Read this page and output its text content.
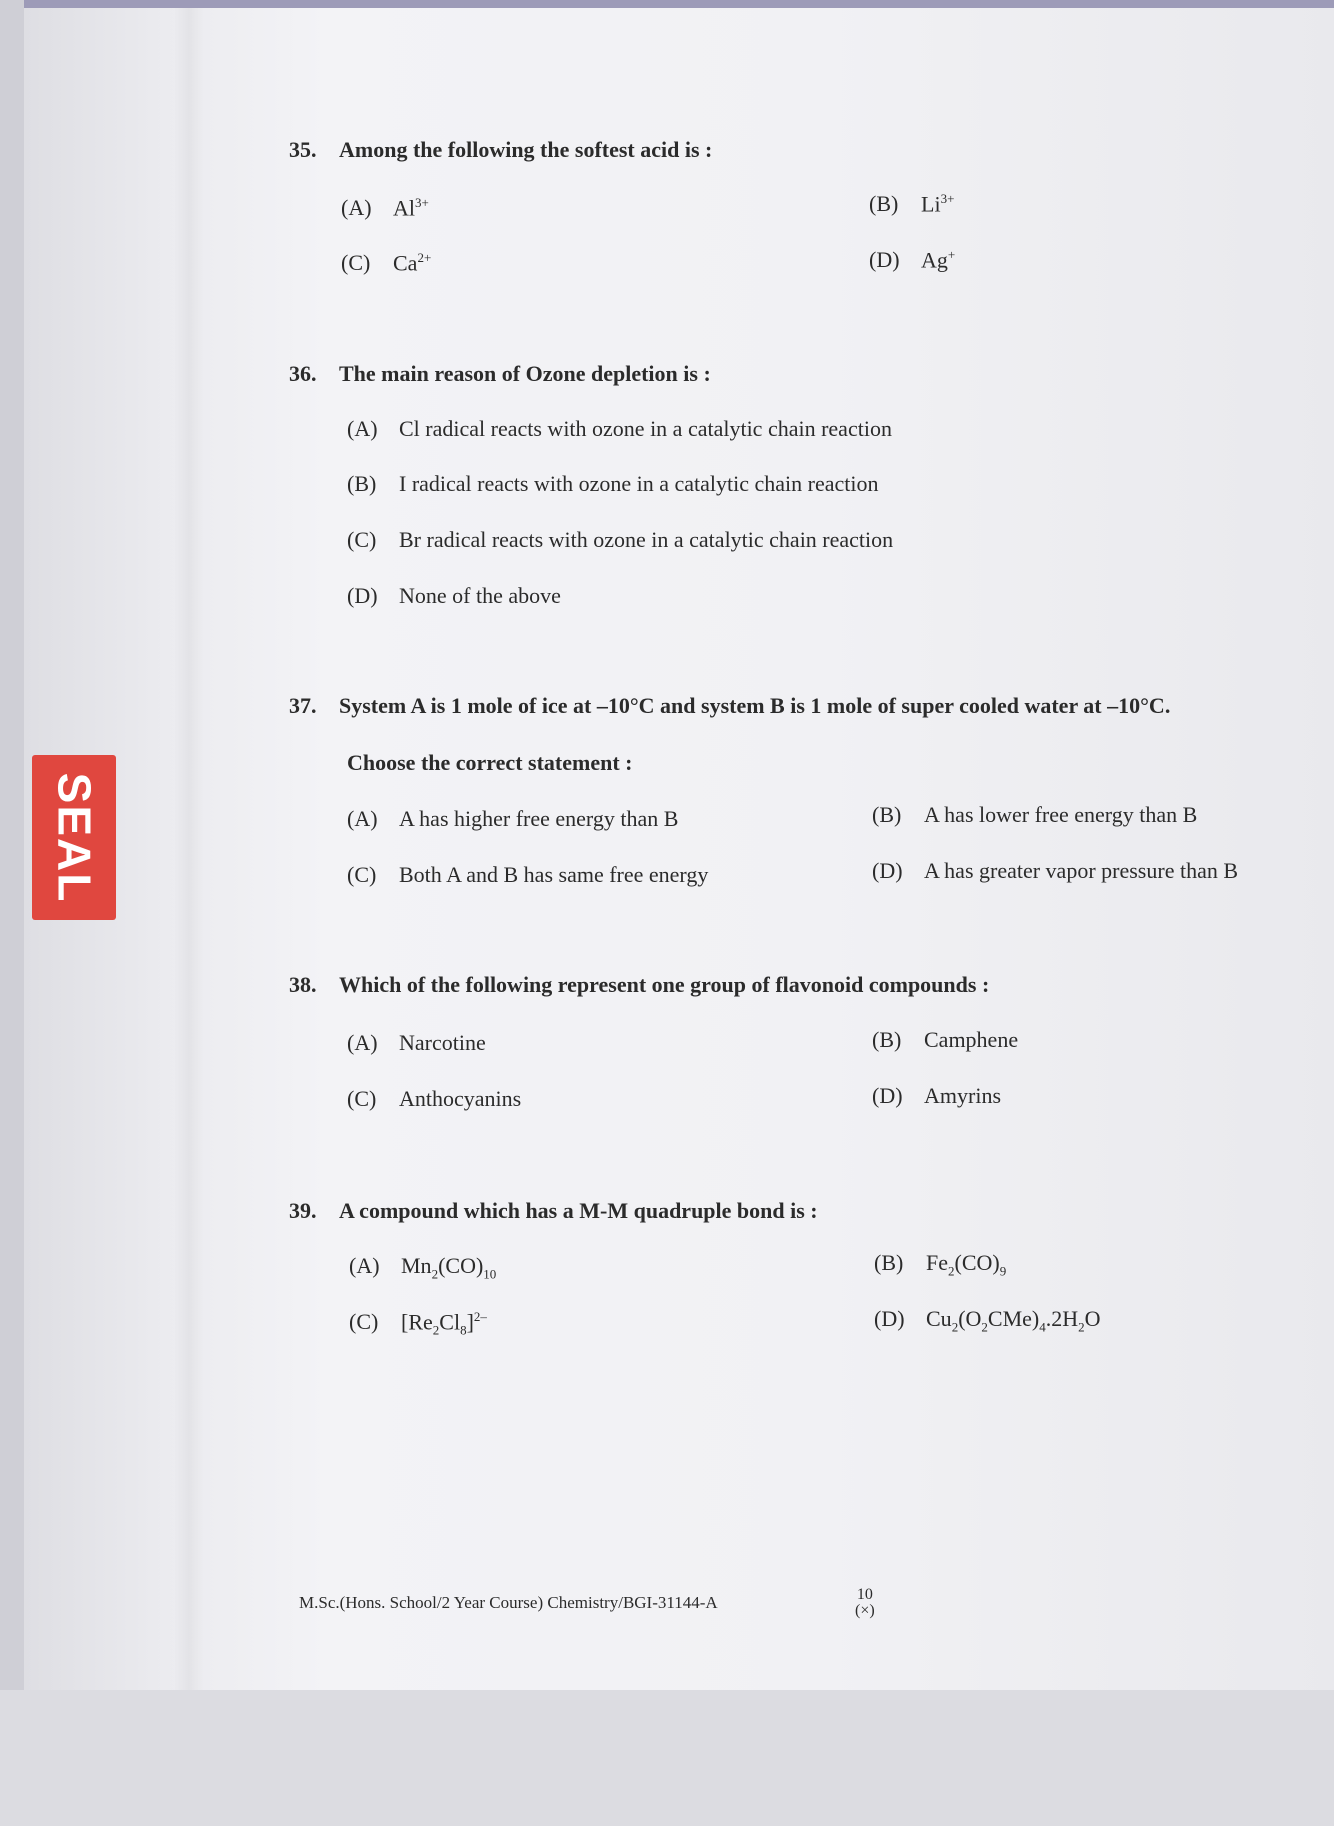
SEAL
35. Among the following the softest acid is :
(A) $Al^{3+}$	(B) $Li^{3+}$
(C) $Ca^{2+}$	(D) Ag+
36. The main reason of Ozone depletion is :
(A) Cl radical reacts with ozone in a catalytic chain reaction
(B) I radical reacts with ozone in a catalytic chain reaction
(C) Br radical reacts with ozone in a catalytic chain reaction
(D) None of the above
37. System A is 1 mole of ice at –10°C and system B is 1 mole of super cooled water at –10°C.
Choose the correct statement :
(A) A has higher free energy than B	(B) A has lower free energy than B
(C) Both A and B has same free energy	(D) A has greater vapor pressure than B
38. Which of the following represent one group of flavonoid compounds :
(A) Narcotine	(B) Camphene
(C) Anthocyanins	(D) Amyrins
39. A compound which has a M-M quadruple bond is :
(A) $Mn_2(CO)_{10}$	(B) $Fe_2(CO)_9$
(C) $[Re_2Cl_8]^{2-}$	(D) $Cu_2(O_2CMe)_4.2H_2O$
M.Sc.(Hons. School/2 Year Course) Chemistry/BGI-31144-A	10
(×)
